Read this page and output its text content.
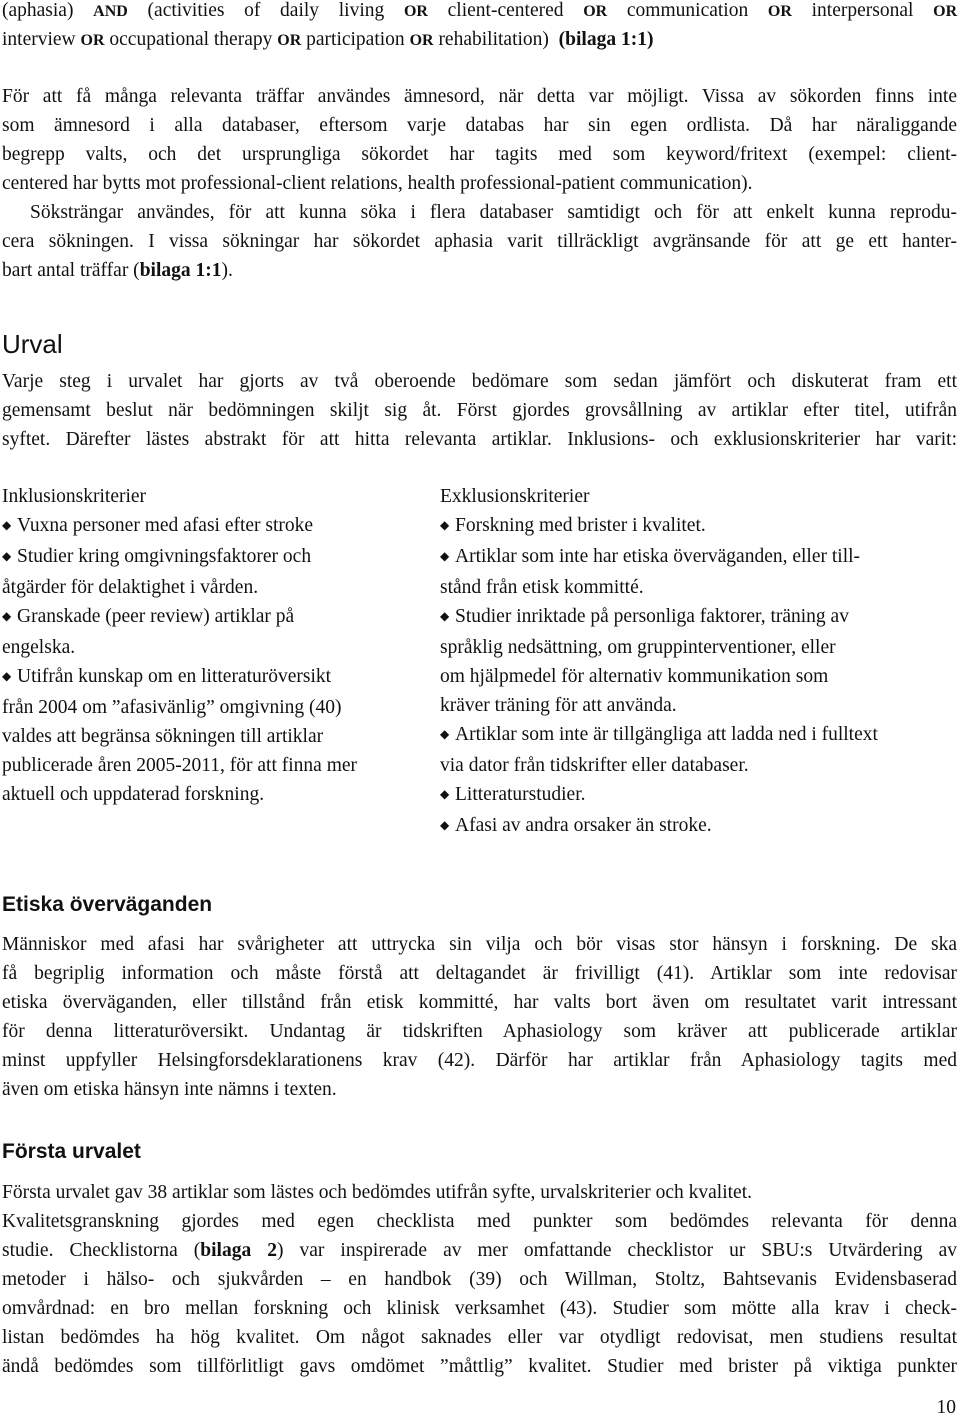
(aphasia) AND (activities of daily living OR client-centered OR communication OR interpersonal OR
interview OR occupational therapy OR participation OR rehabilitation) (bilaga 1:1)
För att få många relevanta träffar användes ämnesord, när detta var möjligt. Vissa av sökorden finns inte
som ämnesord i alla databaser, eftersom varje databas har sin egen ordlista. Då har näraliggande
begrepp valts, och det ursprungliga sökordet har tagits med som keyword/fritext (exempel: client-
centered har bytts mot professional-client relations, health professional-patient communication).
Söksträngar användes, för att kunna söka i flera databaser samtidigt och för att enkelt kunna reprodu-
cera sökningen. I vissa sökningar har sökordet aphasia varit tillräckligt avgränsande för att ge ett hanter-
bart antal träffar (bilaga 1:1).
Urval
Varje steg i urvalet har gjorts av två oberoende bedömare som sedan jämfört och diskuterat fram ett
gemensamt beslut när bedömningen skiljt sig åt. Först gjordes grovsållning av artiklar efter titel, utifrån
syftet. Därefter lästes abstrakt för att hitta relevanta artiklar. Inklusions- och exklusionskriterier har varit:
Inklusionskriterier
◆ Vuxna personer med afasi efter stroke
◆ Studier kring omgivningsfaktorer och
åtgärder för delaktighet i vården.
◆ Granskade (peer review) artiklar på
engelska.
◆ Utifrån kunskap om en litteraturöversikt
från 2004 om ”afasivänlig” omgivning (40)
valdes att begränsa sökningen till artiklar
publicerade åren 2005-2011, för att finna mer
aktuell och uppdaterad forskning.
Exklusionskriterier
◆ Forskning med brister i kvalitet.
◆ Artiklar som inte har etiska överväganden, eller till-
stånd från etisk kommitté.
◆ Studier inriktade på personliga faktorer, träning av
språklig nedsättning, om gruppinterventioner, eller
om hjälpmedel för alternativ kommunikation som
kräver träning för att använda.
◆ Artiklar som inte är tillgängliga att ladda ned i fulltext
via dator från tidskrifter eller databaser.
◆ Litteraturstudier.
◆ Afasi av andra orsaker än stroke.
Etiska överväganden
Människor med afasi har svårigheter att uttrycka sin vilja och bör visas stor hänsyn i forskning. De ska
få begriplig information och måste förstå att deltagandet är frivilligt (41). Artiklar som inte redovisar
etiska överväganden, eller tillstånd från etisk kommitté, har valts bort även om resultatet varit intressant
för denna litteraturöversikt. Undantag är tidskriften Aphasiology som kräver att publicerade artiklar
minst uppfyller Helsingforsdeklarationens krav (42). Därför har artiklar från Aphasiology tagits med
även om etiska hänsyn inte nämns i texten.
Första urvalet
Första urvalet gav 38 artiklar som lästes och bedömdes utifrån syfte, urvalskriterier och kvalitet.
Kvalitetsgranskning gjordes med egen checklista med punkter som bedömdes relevanta för denna
studie. Checklistorna (bilaga 2) var inspirerade av mer omfattande checklistor ur SBU:s Utvärdering av
metoder i hälso- och sjukvården – en handbok (39) och Willman, Stoltz, Bahtsevanis Evidensbaserad
omvårdnad: en bro mellan forskning och klinisk verksamhet (43). Studier som mötte alla krav i check-
listan bedömdes ha hög kvalitet. Om något saknades eller var otydligt redovisat, men studiens resultat
ändå bedömdes som tillförlitligt gavs omdömet ”måttlig” kvalitet. Studier med brister på viktiga punkter
10
